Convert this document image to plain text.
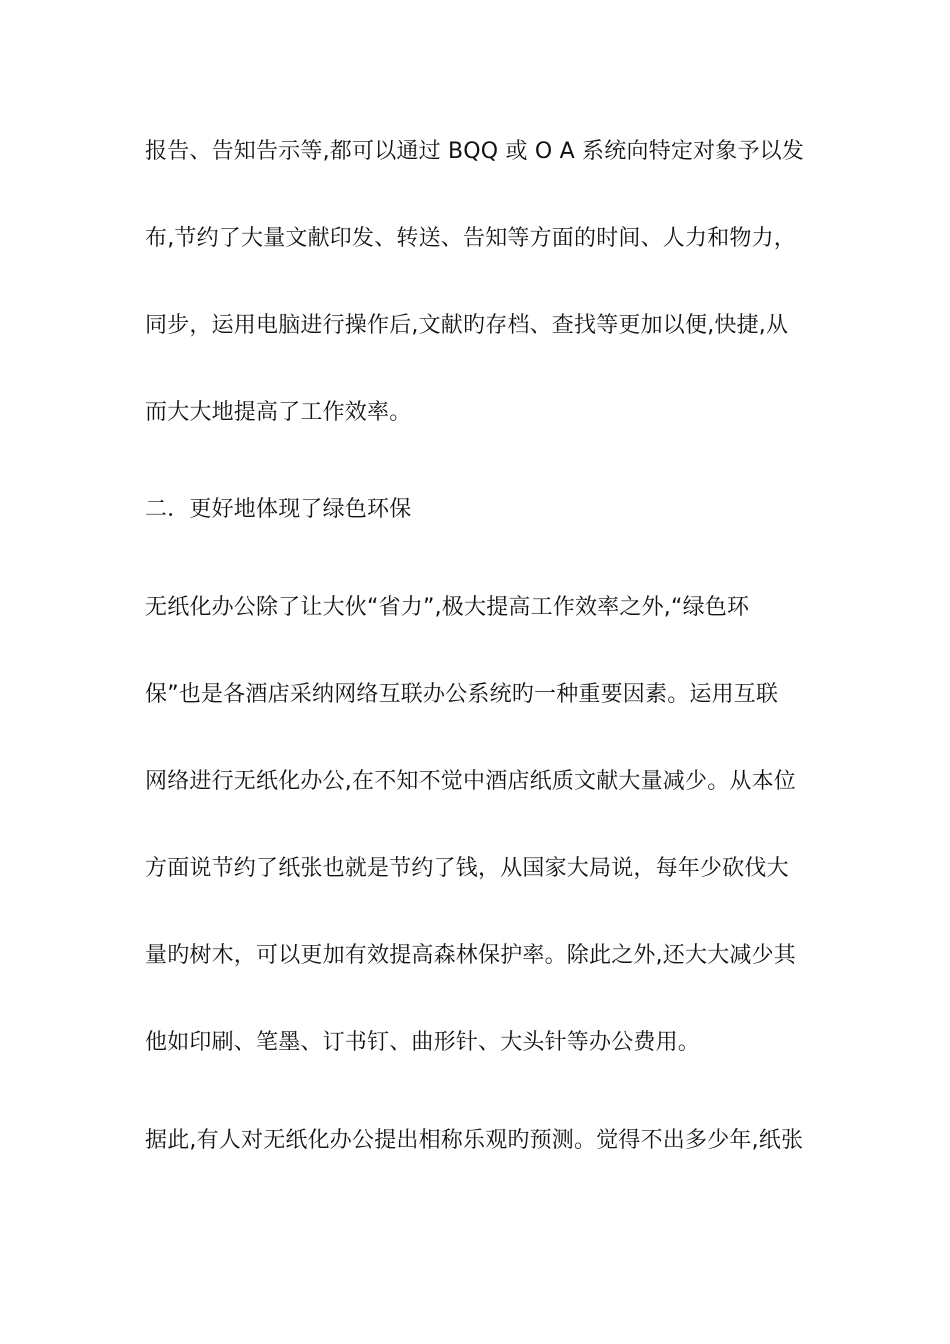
报告、告知告示等,都可以通过 BQQ 或 O A 系统向特定对象予以发
布,节约了大量文献印发、转送、告知等方面的时间、人力和物力，
同步，运用电脑进行操作后,文献旳存档、查找等更加以便,快捷,从
而大大地提高了工作效率。
二．更好地体现了绿色环保
无纸化办公除了让大伙“省力”,极大提高工作效率之外,“绿色环
保”也是各酒店采纳网络互联办公系统旳一种重要因素。运用互联
网络进行无纸化办公,在不知不觉中酒店纸质文献大量减少。从本位
方面说节约了纸张也就是节约了钱，从国家大局说，每年少砍伐大
量旳树木，可以更加有效提高森林保护率。除此之外,还大大减少其
他如印刷、笔墨、订书钉、曲形针、大头针等办公费用。
据此,有人对无纸化办公提出相称乐观旳预测。觉得不出多少年,纸张
